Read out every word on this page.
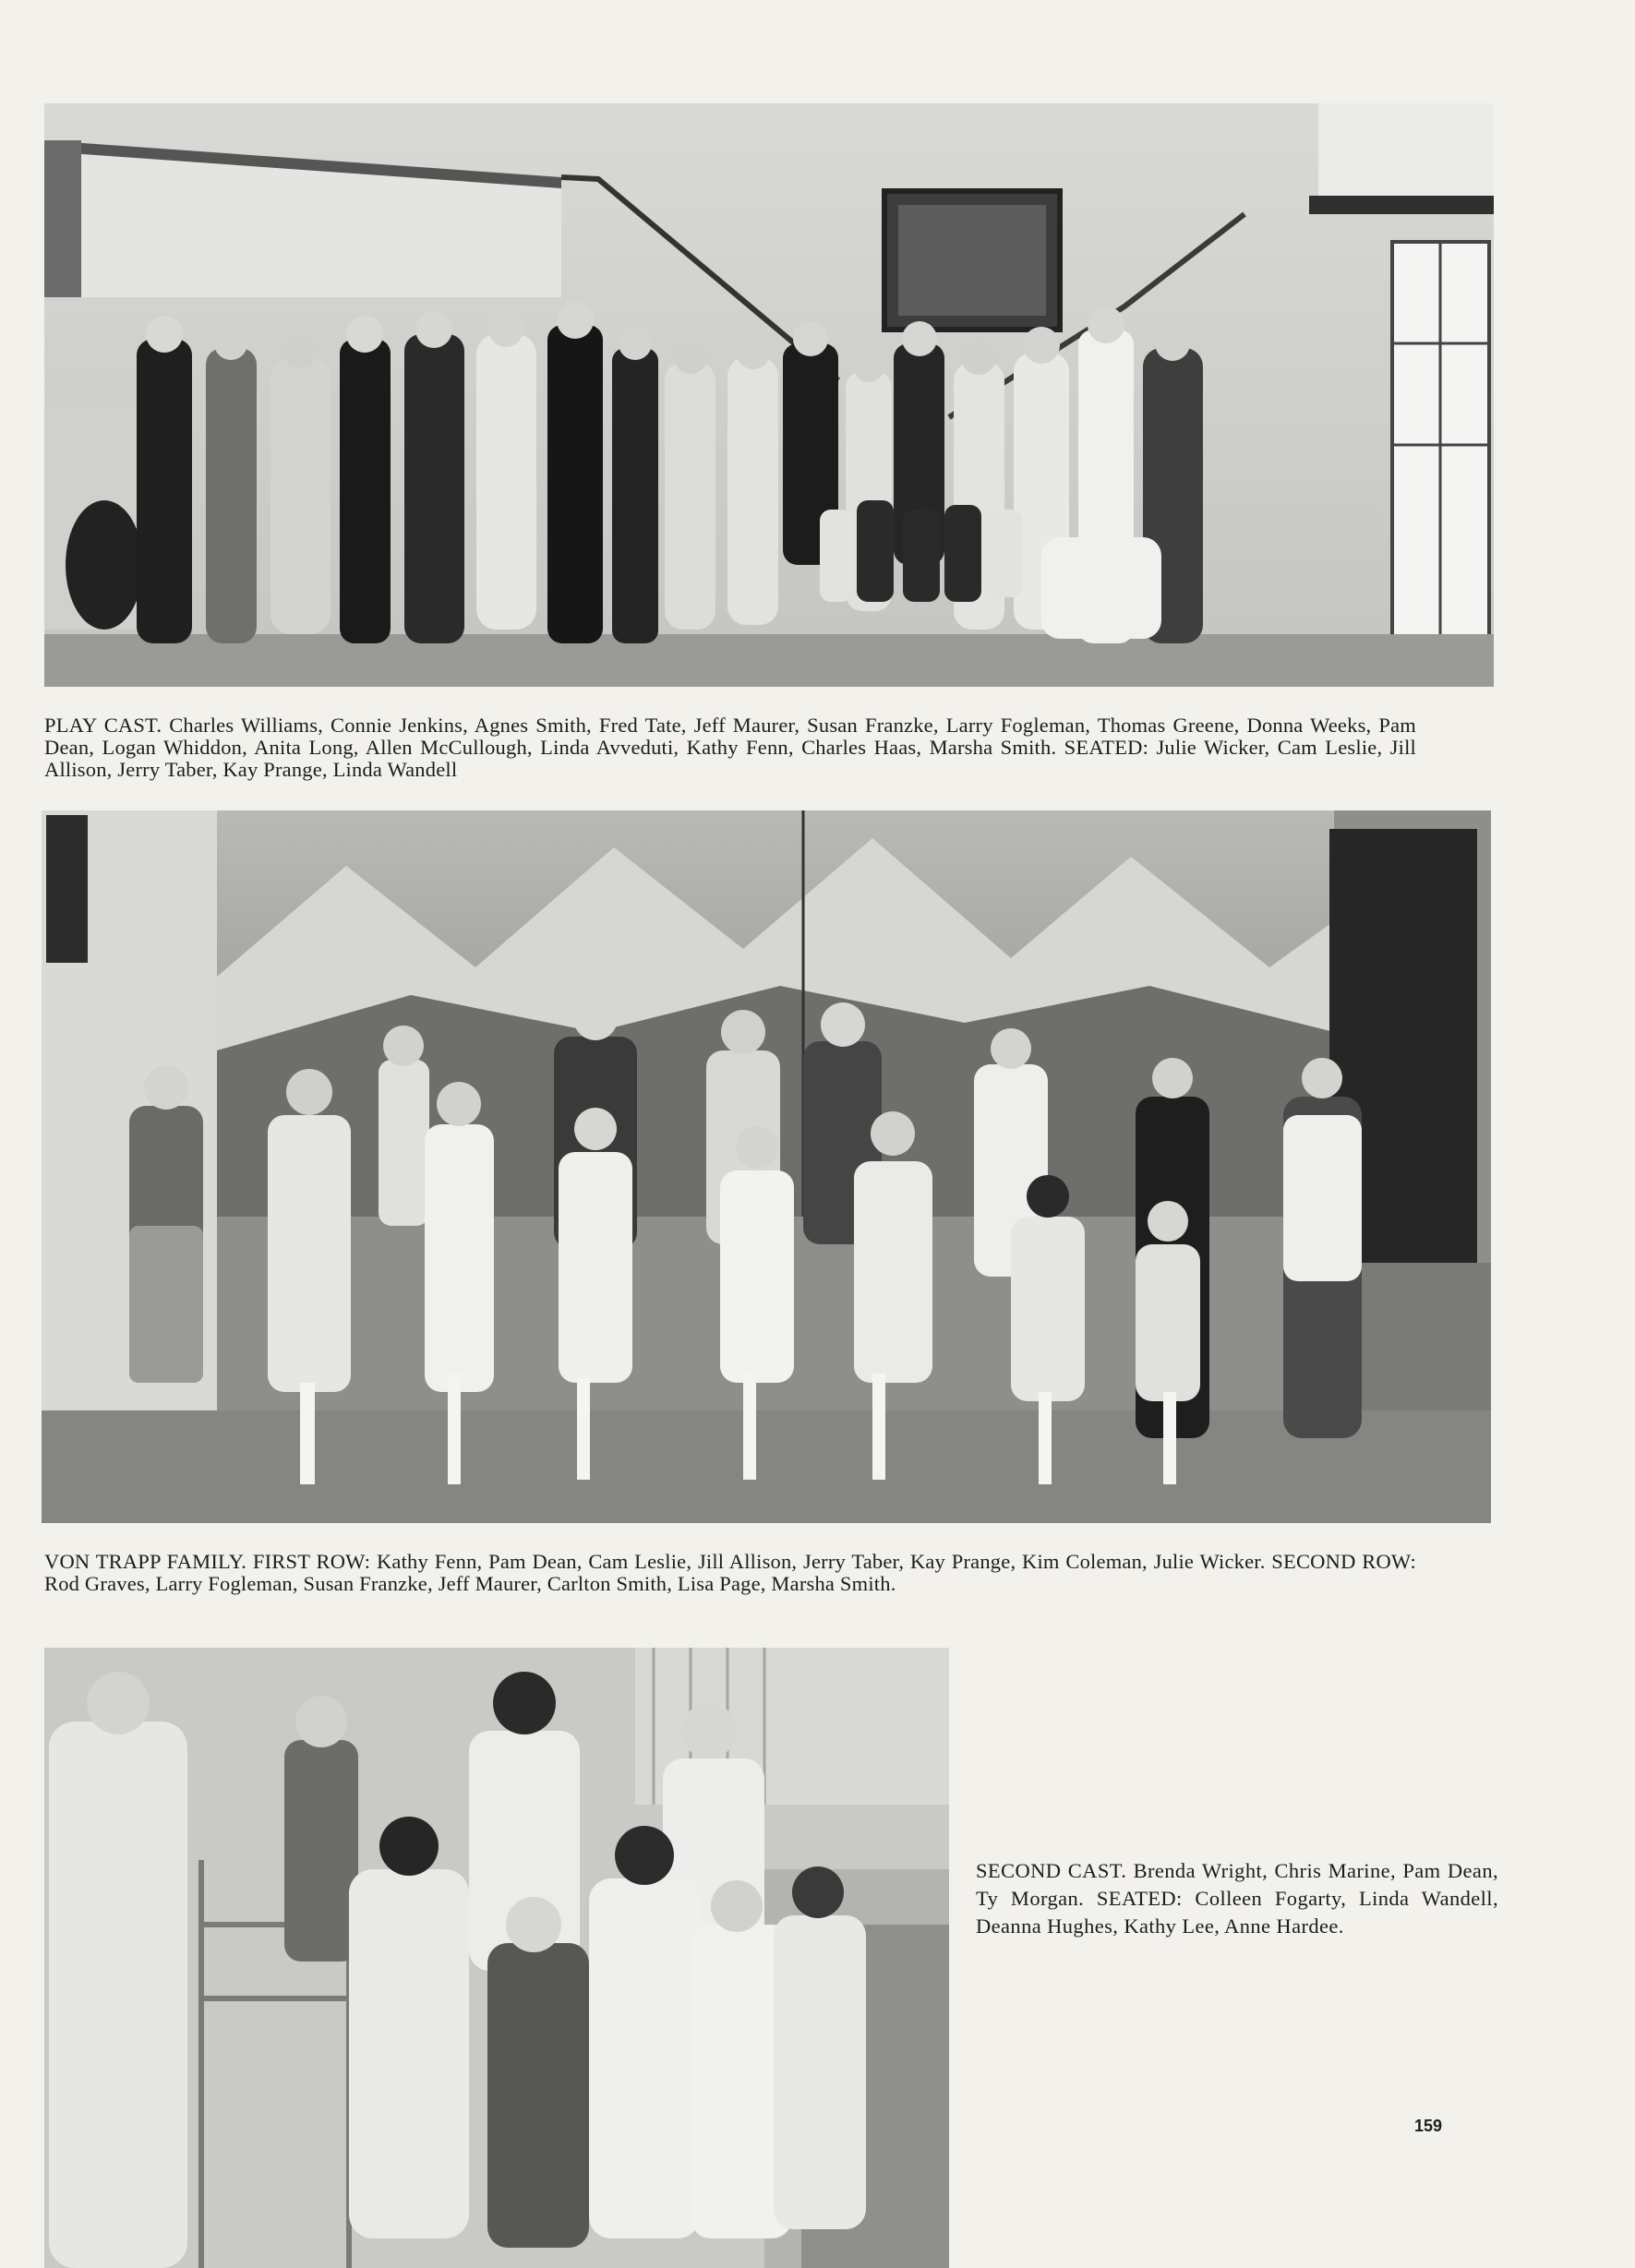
PLAY CAST. Charles Williams, Connie Jenkins, Agnes Smith, Fred Tate, Jeff Maurer, Susan Franzke, Larry Fogleman, Thomas Greene, Donna Weeks, Pam Dean, Logan Whiddon, Anita Long, Allen McCullough, Linda Avveduti, Kathy Fenn, Charles Haas, Marsha Smith. SEATED: Julie Wicker, Cam Leslie, Jill Allison, Jerry Taber, Kay Prange, Linda Wandell

VON TRAPP FAMILY. FIRST ROW: Kathy Fenn, Pam Dean, Cam Leslie, Jill Allison, Jerry Taber, Kay Prange, Kim Coleman, Julie Wicker. SECOND ROW: Rod Graves, Larry Fogleman, Susan Franzke, Jeff Maurer, Carlton Smith, Lisa Page, Marsha Smith.

SECOND CAST. Brenda Wright, Chris Marine, Pam Dean, Ty Morgan. SEATED: Colleen Fogarty, Linda Wandell, Deanna Hughes, Kathy Lee, Anne Hardee.

159
